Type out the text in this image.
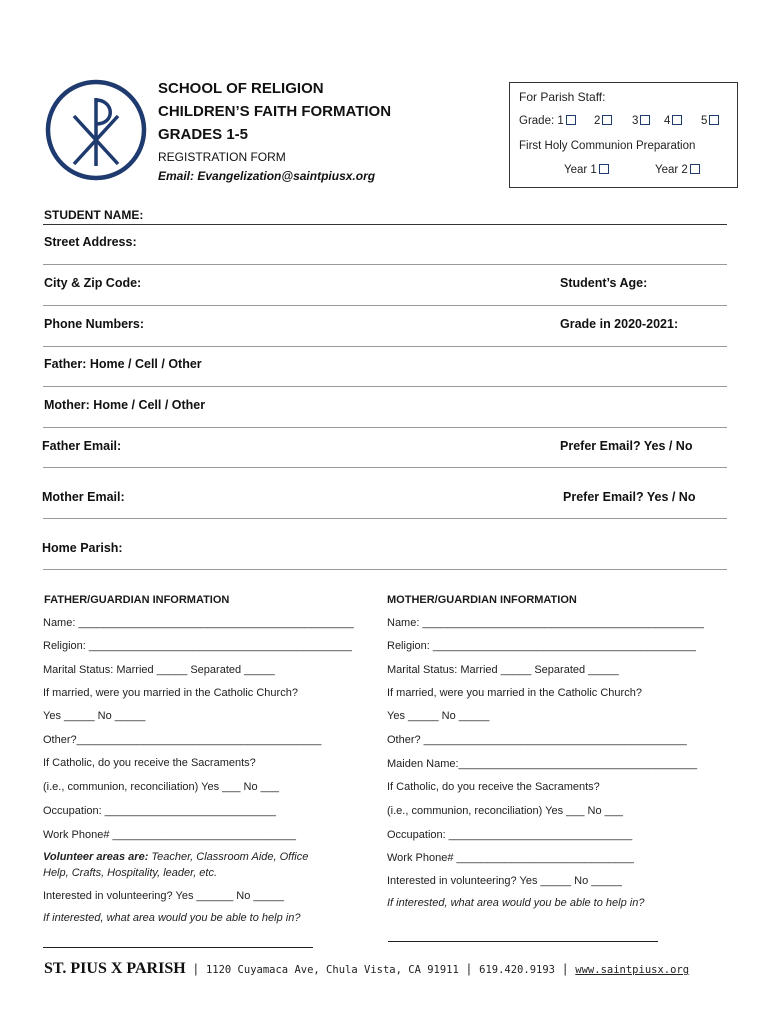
SCHOOL OF RELIGION
CHILDREN’S FAITH FORMATION
GRADES 1-5
REGISTRATION FORM
Email: Evangelization@saintpiusx.org
For Parish Staff:
Grade: 1	2	3	4	5
First Holy Communion Preparation
Year 1	Year 2
STUDENT NAME:
Street Address:
City & Zip Code:	Student’s Age:
Phone Numbers:	Grade in 2020-2021:
Father: Home / Cell / Other
Mother: Home / Cell / Other
Father Email:	Prefer Email? Yes / No
Mother Email:	Prefer Email? Yes / No
Home Parish:
FATHER/GUARDIAN INFORMATION
Name: _____________________________________________
Religion: ___________________________________________
Marital Status: Married _____ Separated _____
If married, were you married in the Catholic Church?
Yes _____ No _____
Other?________________________________________
If Catholic, do you receive the Sacraments?
(i.e., communion, reconciliation) Yes ___ No ___
Occupation: ____________________________
Work Phone# ______________________________
Volunteer areas are: Teacher, Classroom Aide, Office
Help, Crafts, Hospitality, leader, etc.
Interested in volunteering? Yes ______ No _____
If interested, what area would you be able to help in?
MOTHER/GUARDIAN INFORMATION
Name: ______________________________________________
Religion: ___________________________________________
Marital Status: Married _____ Separated _____
If married, were you married in the Catholic Church?
Yes _____ No _____
Other? ___________________________________________
Maiden Name:_______________________________________
If Catholic, do you receive the Sacraments?
(i.e., communion, reconciliation) Yes ___ No ___
Occupation: ______________________________
Work Phone# _____________________________
Interested in volunteering? Yes _____ No _____
If interested, what area would you be able to help in?
ST. PIUS X PARISH | 1120 Cuyamaca Ave, Chula Vista, CA 91911 | 619.420.9193 | www.saintpiusx.org
